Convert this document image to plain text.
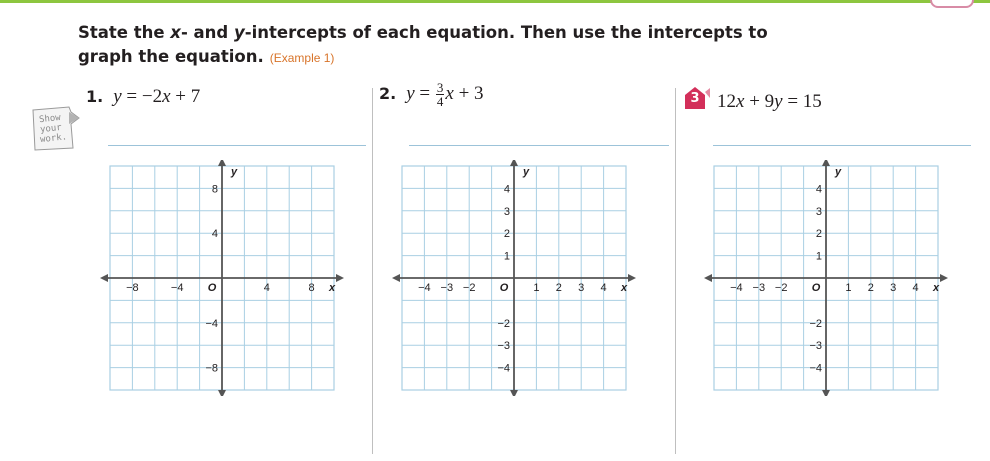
State the x- and y-intercepts of each equation. Then use the intercepts to graph the equation. (Example 1)
Show
your
work.
1. y = −2x + 7	2. $y = \frac{3}{4}$ x + 3	3 12x + 9y = 15
−8	−4	4	8
8
4
−4
−8
O	x
y
−4 −3 −2	1 2 3 4
4
3
2
1
−2
−3
−4
O	x
y
−4 −3 −2	1 2 3 4
4
3
2
1
−2
−3
−4
O	x
y
